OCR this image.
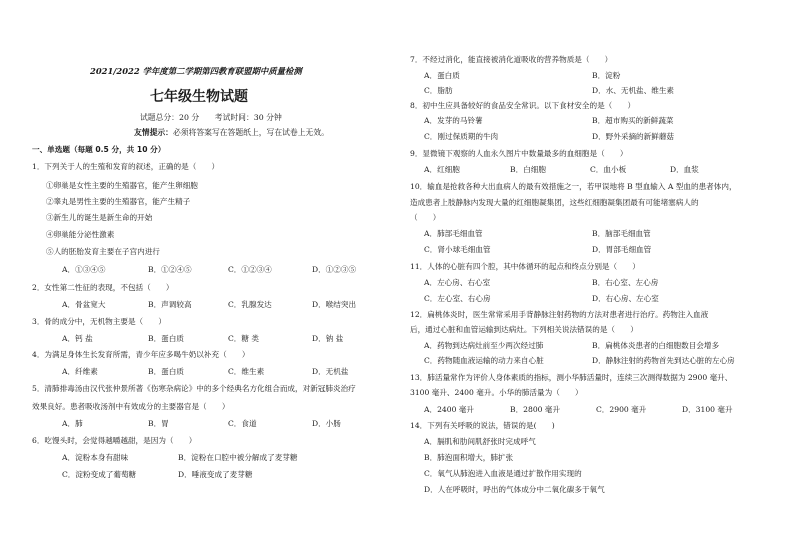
2021/2022 学年度第二学期第四教育联盟期中质量检测
七年级生物试题
试题总分：20 分　　考试时间：30 分钟
友情提示：必须将答案写在答题纸上，写在试卷上无效。
一、单选题（每题 0.5 分，共 10 分）
1．下列关于人的生殖和发育的叙述，正确的是（　　）
①卵巢是女性主要的生殖器官，能产生卵细胞
②睾丸是男性主要的生殖器官，能产生精子
③新生儿的诞生是新生命的开始
④卵巢能分泌性激素
⑤人的胚胎发育主要在子宫内进行
A．①③④⑤	B．①②④⑤	C．①②③④	D．①②③⑤
2．女性第二性征的表现，不包括（　　）
A．骨盆宽大	B．声调较高	C．乳腺发达	D．喉结突出
3．骨的成分中，无机物主要是（　　）
A．钙 盐	B．蛋白质	C．糖 类	D．钠 盐
4．为满足身体生长发育所需，青少年应多喝牛奶以补充（　　）
A．纤维素	B．蛋白质	C．维生素	D．无机盐
5．清肺排毒汤由汉代张仲景所著《伤寒杂病论》中的多个经典名方化组合而成，对新冠肺炎治疗
效果良好。患者吸收汤剂中有效成分的主要器官是（　　）
A．肺	B．胃	C．食道	D．小肠
6．吃馒头时，会觉得越嚼越甜，是因为（　　）
A．淀粉本身有甜味	B．淀粉在口腔中被分解成了麦芽糖
C．淀粉变成了葡萄糖	D．唾液变成了麦芽糖
7．不经过消化，能直接被消化道吸收的营养物质是（　　）
A．蛋白质	B．淀粉
C．脂肪	D．水、无机盐、维生素
8．初中生应具备较好的食品安全常识。以下食材安全的是（　　）
A．发芽的马铃薯	B．超市购买的新鲜蔬菜
C．刚过保质期的牛肉	D．野外采摘的新鲜蘑菇
9．显微镜下观察的人血永久图片中数量最多的血细胞是（　　）
A．红细胞	B．白细胞	C．血小板	D．血浆
10．输血是抢救各种大出血病人的最有效措施之一，若甲误地将 B 型血输入 A 型血的患者体内，
造成患者上肢静脉内发现大量的红细胞凝集团，这些红细胞凝集团最有可能堵塞病人的
（　　）
A．肺部毛细血管	B．脑部毛细血管
C．肾小球毛细血管	D．胃部毛细血管
11．人体的心脏有四个腔，其中体循环的起点和终点分别是（　　）
A．左心房、右心室	B．右心室、左心房
C．左心室、右心房	D．右心房、左心室
12．扁桃体炎时，医生常常采用手背静脉注射药物的方法对患者进行治疗。药物注入血液
后，通过心脏和血管运输到达病灶。下列相关说法错误的是（　　）
A．药物到达病灶前至少两次经过肺	B．扁桃体炎患者的白细胞数目会增多
C．药物随血液运输的动力来自心脏	D．静脉注射的药物首先到达心脏的左心房
13．肺活量常作为评价人身体素质的指标，测小华肺活量时，连续三次测得数据为 2900 毫升、
3100 毫升、2400 毫升。小华的肺活量为（　　）
A．2400 毫升	B．2800 毫升	C．2900 毫升	D．3100 毫升
14．下列有关呼吸的说法，错误的是(　　)
A．膈肌和肋间肌舒张时完成呼气
B．肺泡面积增大，肺扩张
C．氧气从肺泡进入血液是通过扩散作用实现的
D．人在呼吸时，呼出的气体成分中二氧化碳多于氧气
